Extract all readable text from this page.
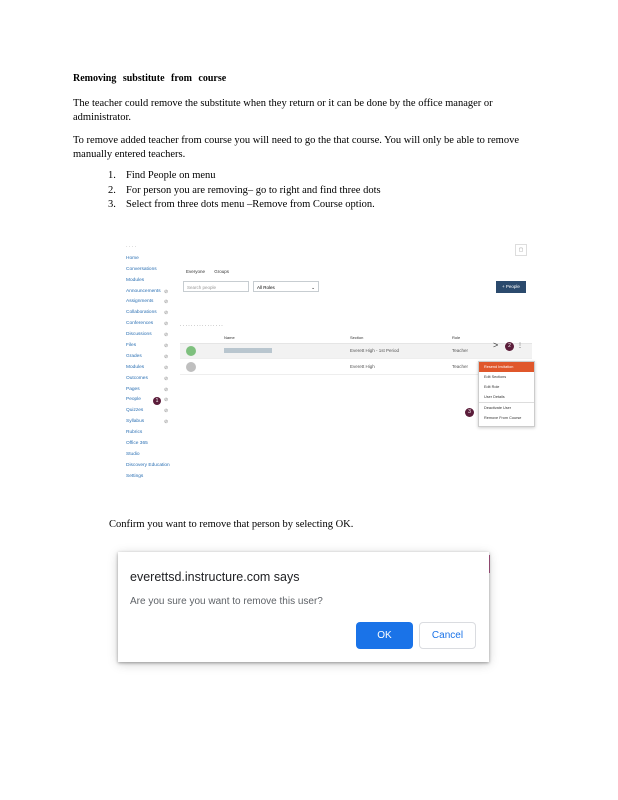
Removing substitute from course
The teacher could remove the substitute when they return or it can be done by the office manager or administrator.
To remove added teacher from course you will need to go the that course. You will only be able to remove manually entered teachers.
1. Find People on menu
2. For person you are removing– go to right and find three dots
3. Select from three dots menu –Remove from Course option.
▢
· · · ·
Home
Conversations
Modules
Announcements ⊘
Assignments ⊘
Collaborations ⊘
Conferences ⊘
Discussions ⊘
Files	⊘
Grades	⊘
Modules	⊘
Outcomes	⊘
Pages	⊘
People	1	⊘
Quizzes	⊘
Syllabus	⊘
Rubrics
Office 365
Studio
Discovery Education
Settings
Everyone Groups
Search people	All Roles	⌄	+ People
· · · · · · · · · · · · · · · ·
Name	Section	Role
Everett High - 1st Period	Teacher
Everett High	Teacher
>	2	⋮
3
Resend Invitation
Edit Sections
Edit Role
User Details
Deactivate User
Remove From Course
Confirm you want to remove that person by selecting OK.
everettsd.instructure.com says
Are you sure you want to remove this user?
OK	Cancel
